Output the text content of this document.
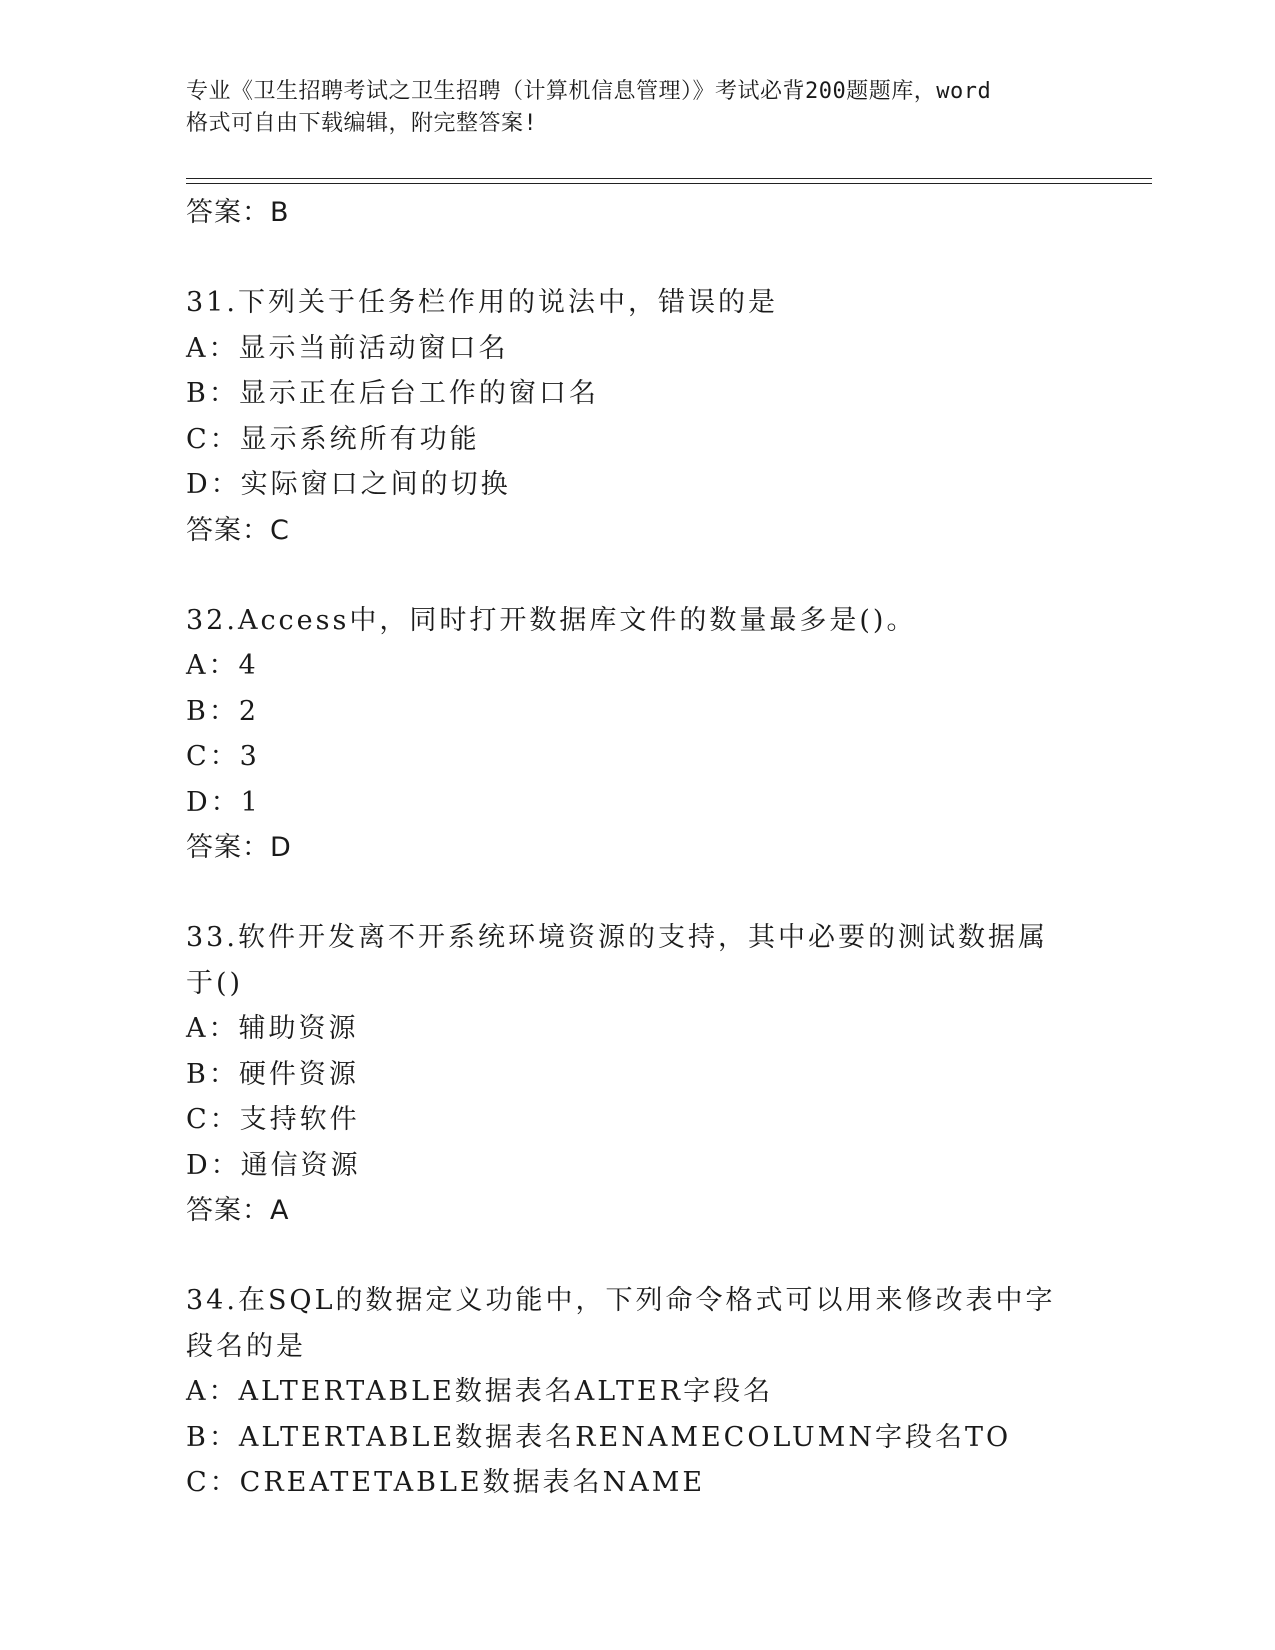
专业《卫生招聘考试之卫生招聘（计算机信息管理）》考试必背200题题库，word
格式可自由下载编辑，附完整答案!
答案：B

31.下列关于任务栏作用的说法中，错误的是

A：显示当前活动窗口名

B：显示正在后台工作的窗口名

C：显示系统所有功能

D：实际窗口之间的切换

答案：C

32.Access中，同时打开数据库文件的数量最多是()。

A：4

B：2

C：3

D：1

答案：D

33.软件开发离不开系统环境资源的支持，其中必要的测试数据属于()

A：辅助资源

B：硬件资源

C：支持软件

D：通信资源

答案：A

34.在SQL的数据定义功能中，下列命令格式可以用来修改表中字段名的是

A：ALTERTABLE数据表名ALTER字段名

B：ALTERTABLE数据表名RENAMECOLUMN字段名TO

C：CREATETABLE数据表名NAME
